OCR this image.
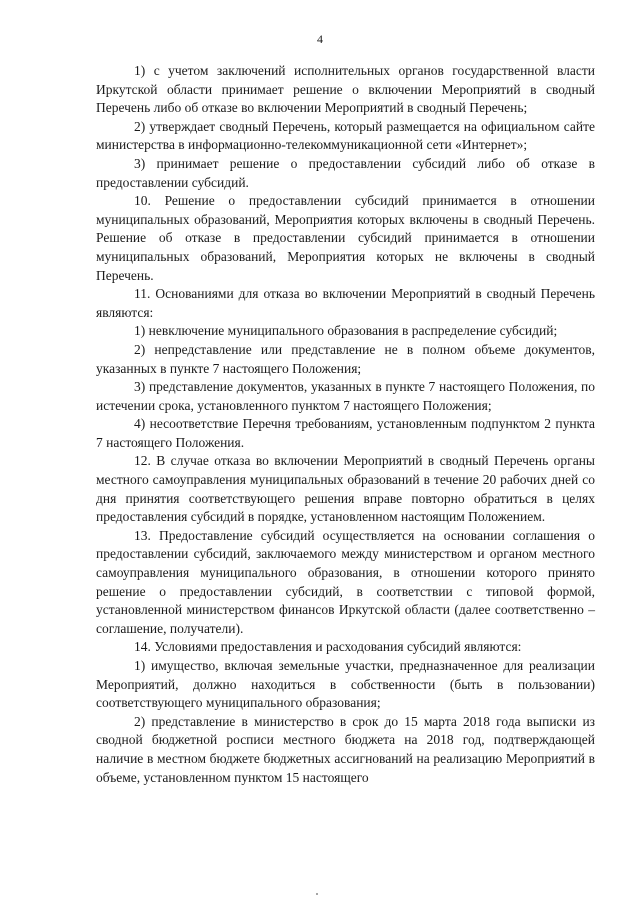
4

1) с учетом заключений исполнительных органов государственной власти Иркутской области принимает решение о включении Мероприятий в сводный Перечень либо об отказе во включении Мероприятий в сводный Перечень;

2) утверждает сводный Перечень, который размещается на официальном сайте министерства в информационно-телекоммуникационной сети «Интернет»;

3) принимает решение о предоставлении субсидий либо об отказе в предоставлении субсидий.

10. Решение о предоставлении субсидий принимается в отношении муниципальных образований, Мероприятия которых включены в сводный Перечень. Решение об отказе в предоставлении субсидий принимается в отношении муниципальных образований, Мероприятия которых не включены в сводный Перечень.

11. Основаниями для отказа во включении Мероприятий в сводный Перечень являются:

1) невключение муниципального образования в распределение субсидий;

2) непредставление или представление не в полном объеме документов, указанных в пункте 7 настоящего Положения;

3) представление документов, указанных в пункте 7 настоящего Положения, по истечении срока, установленного пунктом 7 настоящего Положения;

4) несоответствие Перечня требованиям, установленным подпунктом 2 пункта 7 настоящего Положения.

12. В случае отказа во включении Мероприятий в сводный Перечень органы местного самоуправления муниципальных образований в течение 20 рабочих дней со дня принятия соответствующего решения вправе повторно обратиться в целях предоставления субсидий в порядке, установленном настоящим Положением.

13. Предоставление субсидий осуществляется на основании соглашения о предоставлении субсидий, заключаемого между министерством и органом местного самоуправления муниципального образования, в отношении которого принято решение о предоставлении субсидий, в соответствии с типовой формой, установленной министерством финансов Иркутской области (далее соответственно – соглашение, получатели).

14. Условиями предоставления и расходования субсидий являются:

1) имущество, включая земельные участки, предназначенное для реализации Мероприятий, должно находиться в собственности (быть в пользовании) соответствующего муниципального образования;

2) представление в министерство в срок до 15 марта 2018 года выписки из сводной бюджетной росписи местного бюджета на 2018 год, подтверждающей наличие в местном бюджете бюджетных ассигнований на реализацию Мероприятий в объеме, установленном пунктом 15 настоящего
